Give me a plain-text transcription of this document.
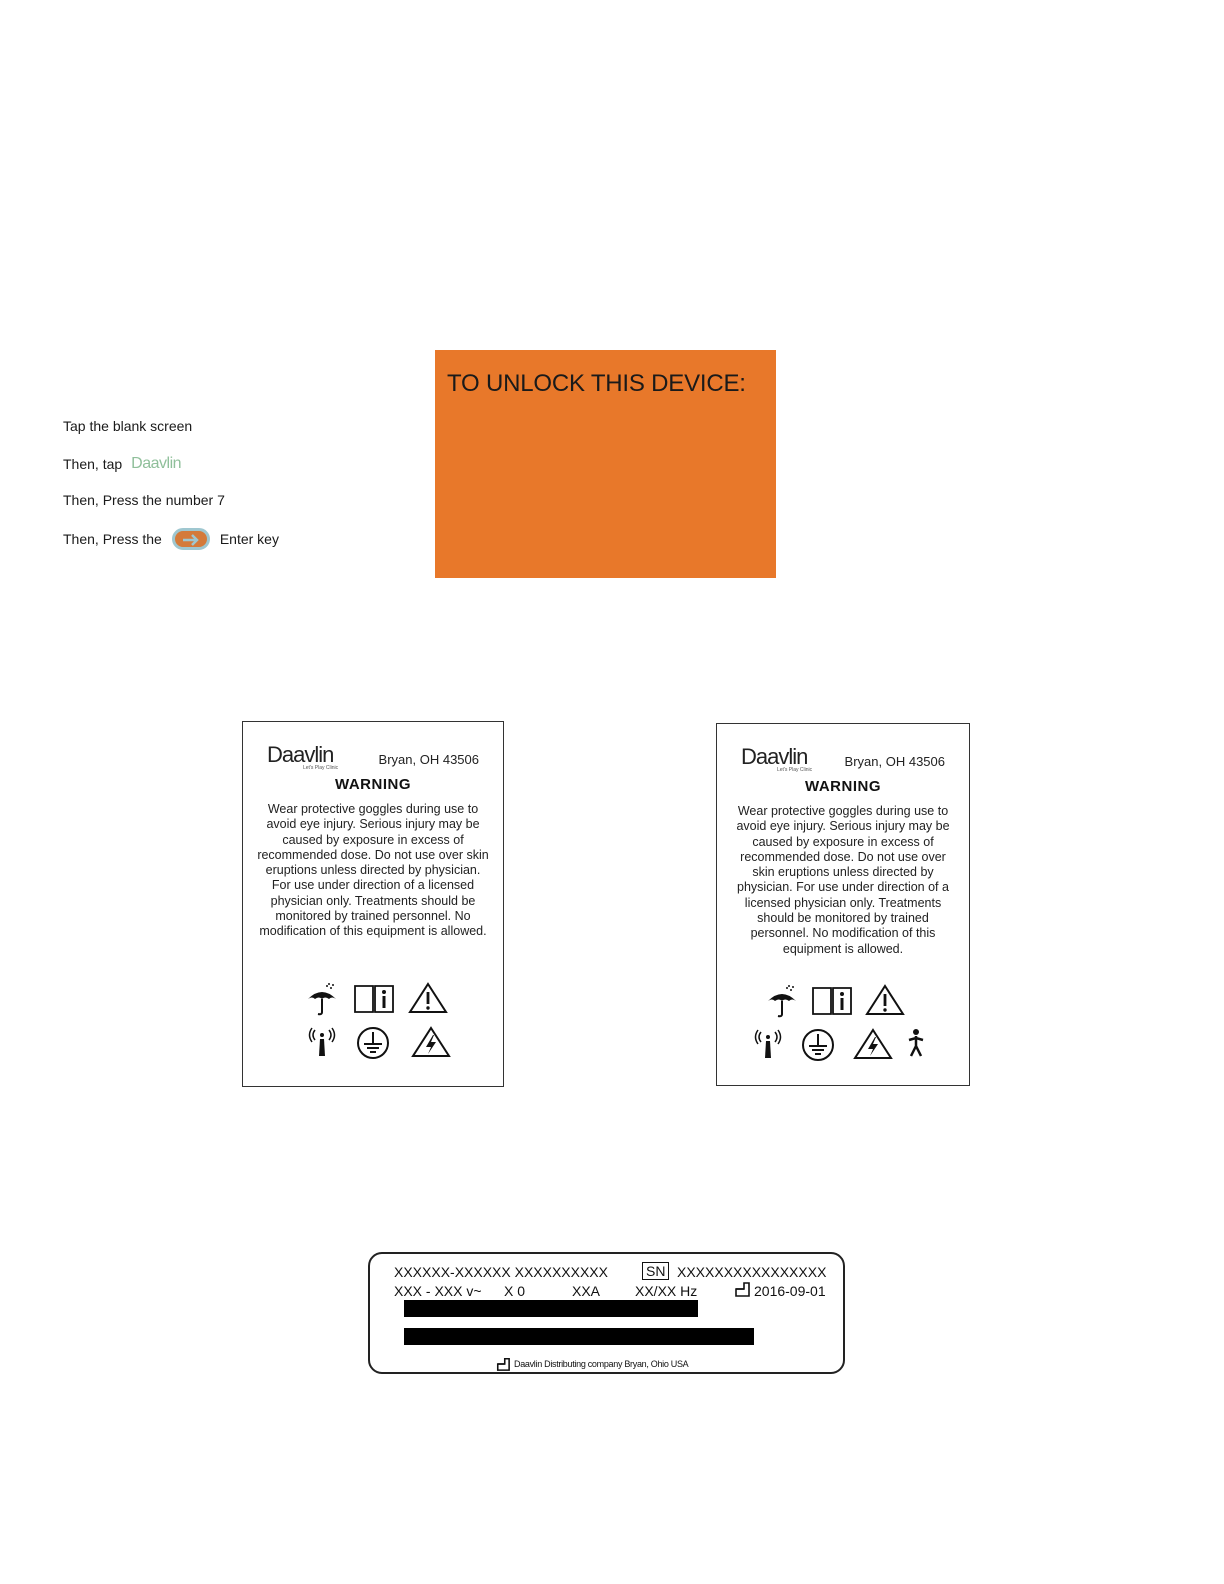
TO UNLOCK THIS DEVICE:
Tap the blank screen
Then, tap Daavlin
Then, Press the number 7
Then, Press the	Enter key
Daavlin
Let's Play Clinic
Bryan, OH 43506
WARNING
Wear protective goggles during use to avoid eye injury. Serious injury may be caused by exposure in excess of recommended dose. Do not use over skin eruptions unless directed by physician. For use under direction of a licensed physician only. Treatments should be monitored by trained personnel. No modification of this equipment is allowed.
Daavlin
Let's Play Clinic
Bryan, OH 43506
WARNING
Wear protective goggles during use to avoid eye injury. Serious injury may be caused by exposure in excess of recommended dose. Do not use over skin eruptions unless directed by physician. For use under direction of a licensed physician only. Treatments should be monitored by trained personnel. No modification of this equipment is allowed.
XXXXXX-XXXXXX XXXXXXXXXX	SN XXXXXXXXXXXXXXXX
XXX - XXX v~ X 0	XXA XX/XX Hz	2016-09-01
Daavlin Distributing company Bryan, Ohio USA
